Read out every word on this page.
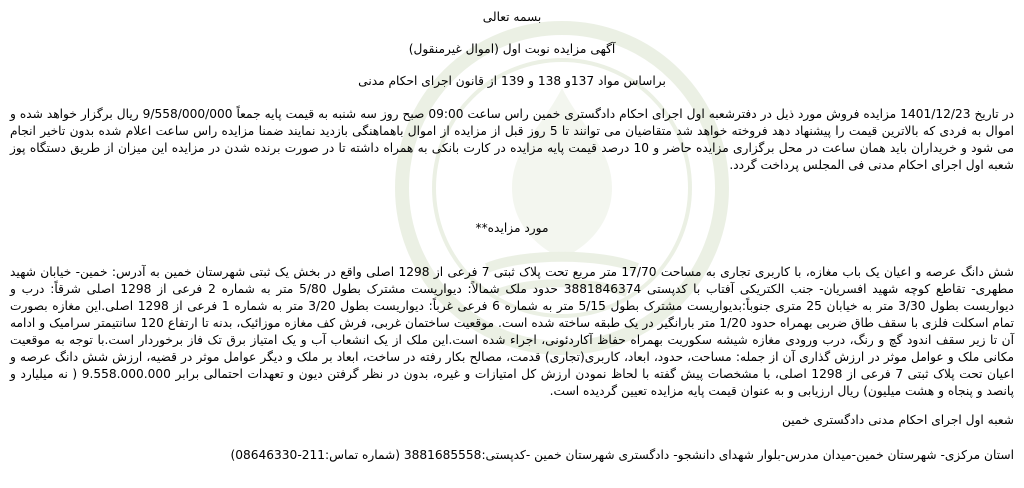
بسمه تعالی
آگهی مزایده نوبت اول (اموال غیرمنقول)
براساس مواد 137و 138 و 139 از قانون اجرای احکام مدنی
در تاریخ 1401/12/23 مزایده فروش مورد ذیل در دفترشعبه اول اجرای احکام دادگستری خمین راس ساعت 09:00 صبح روز سه شنبه به قیمت پایه جمعاً 9/558/000/000 ریال برگزار خواهد شده و اموال به فردی که بالاترین قیمت را پیشنهاد دهد فروخته خواهد شد متقاضیان می توانند تا 5 روز قبل از مزایده از اموال باهماهنگی بازدید نمایند ضمنا مزایده راس ساعت اعلام شده بدون تاخیر انجام می شود و خریداران باید همان ساعت در محل برگزاری مزایده حاضر و 10 درصد قیمت پایه مزایده در کارت بانکی به همراه داشته تا در صورت برنده شدن در مزایده این میزان از طریق دستگاه پوز شعبه اول اجرای احکام مدنی فی المجلس پرداخت گردد.
مورد مزایده**
شش دانگ عرصه و اعیان یک باب مغازه، با کاربری تجاری به مساحت 17/70 متر مربع تحت پلاک ثبتی 7 فرعی از 1298 اصلی واقع در بخش یک ثبتی شهرستان خمین به آدرس: خمین- خیابان شهید مطهری- تقاطع کوچه شهید افسریان- جنب الکتریکی آفتاب با کدپستی 3881846374 حدود ملک شمالاً: دیواریست مشترک بطول 5/80 متر به شماره 2 فرعی از 1298 اصلی شرقاً: درب و دیواریست بطول 3/30 متر به خیابان 25 متری جنوباً:بدیواریست مشترک بطول 5/15 متر به شماره 6 فرعی غرباً: دیواریست بطول 3/20 متر به شماره 1 فرعی از 1298 اصلی.این مغازه بصورت تمام اسکلت فلزی با سقف طاق ضربی بهمراه حدود 1/20 متر بارانگیر در یک طبقه ساخته شده است. موقعیت ساختمان غربی، فرش کف مغازه موزائیک، بدنه تا ارتفاع 120 سانتیمتر سرامیک و ادامه آن تا زیر سقف اندود گچ و رنگ، درب ورودی مغازه شیشه سکوریت بهمراه حفاظ آکاردئونی، اجراء شده است.این ملک از یک انشعاب آب و یک امتیاز برق تک فاز برخوردار است.با توجه به موقعیت مکانی ملک و عوامل موثر در ارزش گذاری آن از جمله: مساحت، حدود، ابعاد، کاربری(تجاری) قدمت، مصالح بکار رفته در ساخت، ابعاد بر ملک و دیگر عوامل موثر در قضیه، ارزش شش دانگ عرصه و اعیان تحت پلاک ثبتی 7 فرعی از 1298 اصلی، با مشخصات پیش گفته با لحاظ نمودن ارزش کل امتیازات و غیره، بدون در نظر گرفتن دیون و تعهدات احتمالی برابر 9.558.000.000 ( نه میلیارد و پانصد و پنجاه و هشت میلیون) ریال ارزیابی و به عنوان قیمت پایه مزایده تعیین گردیده است.
شعبه اول اجرای احکام مدنی دادگستری خمین
استان مرکزی- شهرستان خمین-میدان مدرس-بلوار شهدای دانشجو- دادگستری شهرستان خمین -کدپستی:3881685558 (شماره تماس:211-08646330)
